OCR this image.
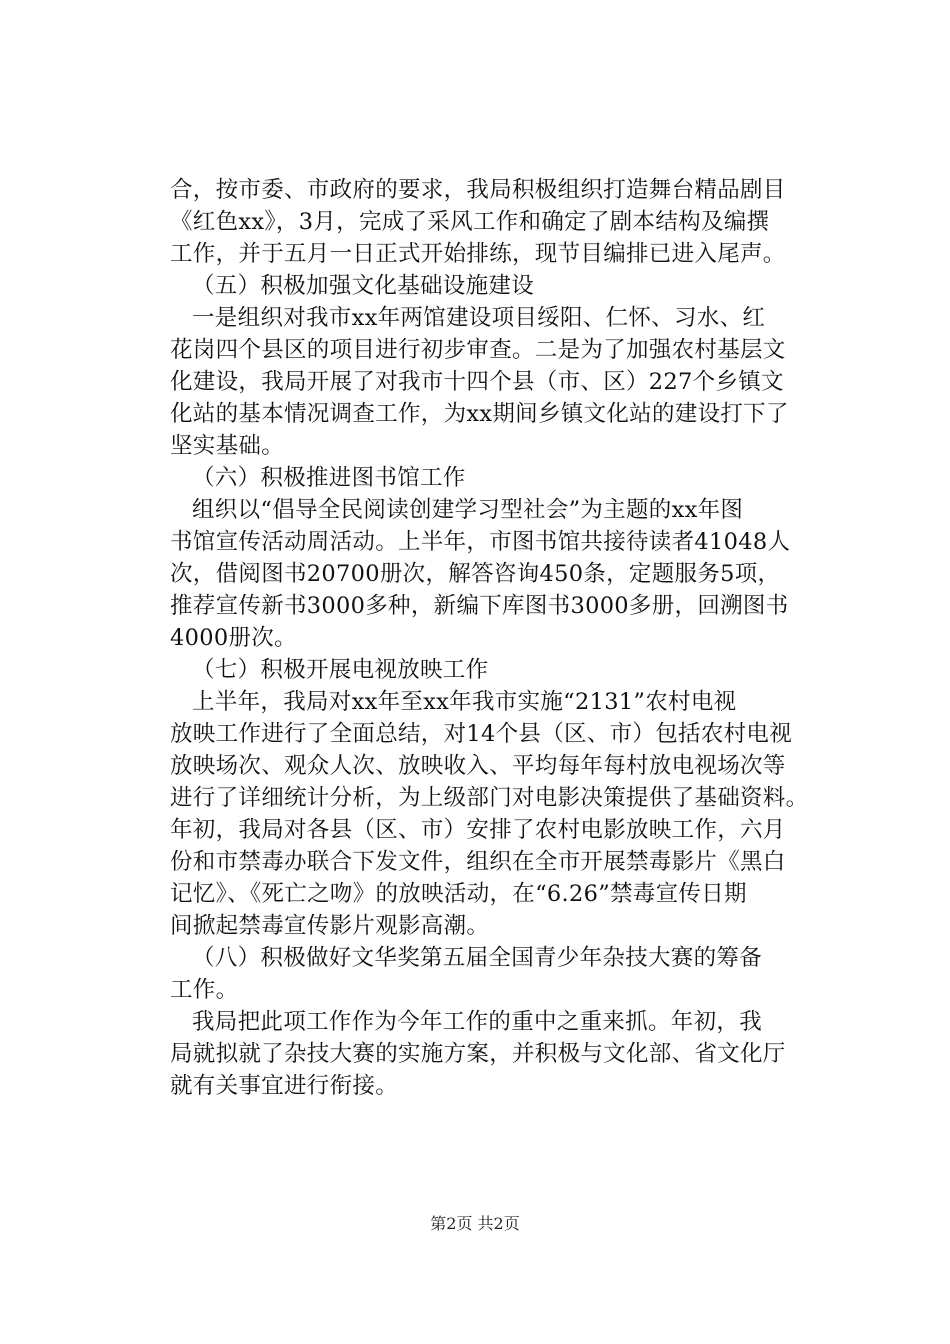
合，按市委、市政府的要求，我局积极组织打造舞台精品剧目
《红色xx》，3月，完成了采风工作和确定了剧本结构及编撰
工作，并于五月一日正式开始排练，现节目编排已进入尾声。
（五）积极加强文化基础设施建设
一是组织对我市xx年两馆建设项目绥阳、仁怀、习水、红
花岗四个县区的项目进行初步审查。二是为了加强农村基层文
化建设，我局开展了对我市十四个县（市、区）227个乡镇文
化站的基本情况调查工作，为xx期间乡镇文化站的建设打下了
坚实基础。
（六）积极推进图书馆工作
组织以“倡导全民阅读创建学习型社会”为主题的xx年图
书馆宣传活动周活动。上半年，市图书馆共接待读者41048人
次，借阅图书20700册次，解答咨询450条，定题服务5项，
推荐宣传新书3000多种，新编下库图书3000多册，回溯图书
4000册次。
（七）积极开展电视放映工作
上半年，我局对xx年至xx年我市实施“2131”农村电视
放映工作进行了全面总结，对14个县（区、市）包括农村电视
放映场次、观众人次、放映收入、平均每年每村放电视场次等
进行了详细统计分析，为上级部门对电影决策提供了基础资料。
年初，我局对各县（区、市）安排了农村电影放映工作，六月
份和市禁毒办联合下发文件，组织在全市开展禁毒影片《黑白
记忆》、《死亡之吻》的放映活动，在“6.26”禁毒宣传日期
间掀起禁毒宣传影片观影高潮。
（八）积极做好文华奖第五届全国青少年杂技大赛的筹备
工作。
我局把此项工作作为今年工作的重中之重来抓。年初，我
局就拟就了杂技大赛的实施方案，并积极与文化部、省文化厅
就有关事宜进行衔接。
第2页 共2页
